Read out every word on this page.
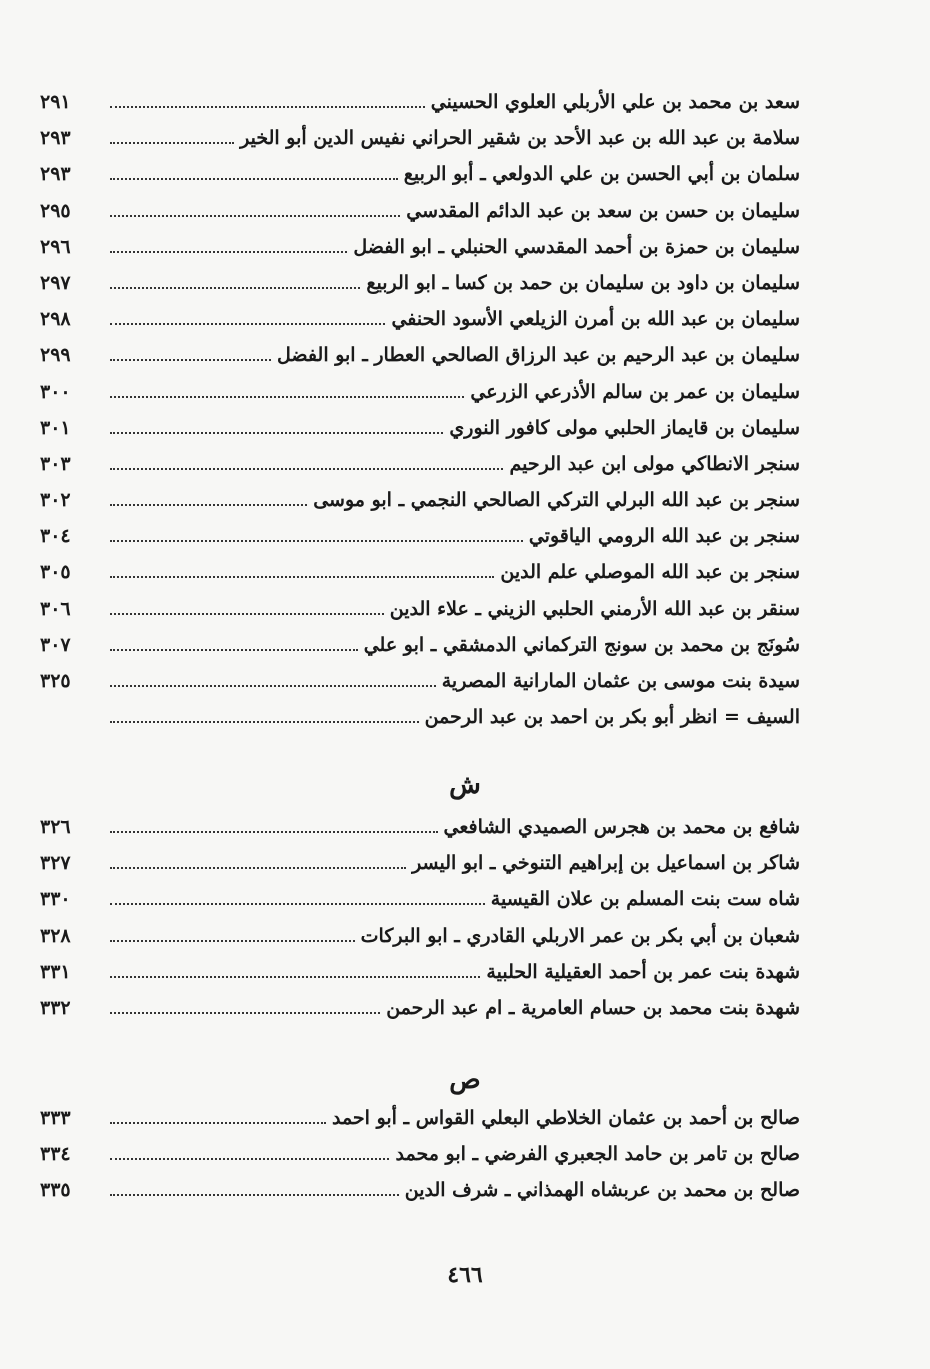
سعد بن محمد بن علي الأربلي العلوي الحسيني
٢٩١
سلامة بن عبد الله بن عبد الأحد بن شقير الحراني نفيس الدين أبو الخير
٢٩٣
سلمان بن أبي الحسن بن علي الدولعي ـ أبو الربيع
٢٩٣
سليمان بن حسن بن سعد بن عبد الدائم المقدسي
٢٩٥
سليمان بن حمزة بن أحمد المقدسي الحنبلي ـ ابو الفضل
٢٩٦
سليمان بن داود بن سليمان بن حمد بن كسا ـ ابو الربيع
٢٩٧
سليمان بن عبد الله بن أمرن الزيلعي الأسود الحنفي
٢٩٨
سليمان بن عبد الرحيم بن عبد الرزاق الصالحي العطار ـ ابو الفضل
٢٩٩
سليمان بن عمر بن سالم الأذرعي الزرعي
٣٠٠
سليمان بن قايماز الحلبي مولى كافور النوري
٣٠١
سنجر الانطاكي مولى ابن عبد الرحيم
٣٠٣
سنجر بن عبد الله البرلي التركي الصالحي النجمي ـ ابو موسى
٣٠٢
سنجر بن عبد الله الرومي الياقوتي
٣٠٤
سنجر بن عبد الله الموصلي علم الدين
٣٠٥
سنقر بن عبد الله الأرمني الحلبي الزيني ـ علاء الدين
٣٠٦
سُونَج بن محمد بن سونج التركماني الدمشقي ـ ابو علي
٣٠٧
سيدة بنت موسى بن عثمان المارانية المصرية
٣٢٥
السيف = انظر أبو بكر بن احمد بن عبد الرحمن
ش
شافع بن محمد بن هجرس الصميدي الشافعي
٣٢٦
شاكر بن اسماعيل بن إبراهيم التنوخي ـ ابو اليسر
٣٢٧
شاه ست بنت المسلم بن علان القيسية
٣٣٠
شعبان بن أبي بكر بن عمر الاربلي القادري ـ ابو البركات
٣٢٨
شهدة بنت عمر بن أحمد العقيلية الحلبية
٣٣١
شهدة بنت محمد بن حسام العامرية ـ ام عبد الرحمن
٣٣٢
ص
صالح بن أحمد بن عثمان الخلاطي البعلي القواس ـ أبو احمد
٣٣٣
صالح بن تامر بن حامد الجعبري الفرضي ـ ابو محمد
٣٣٤
صالح بن محمد بن عربشاه الهمذاني ـ شرف الدين
٣٣٥
٤٦٦
